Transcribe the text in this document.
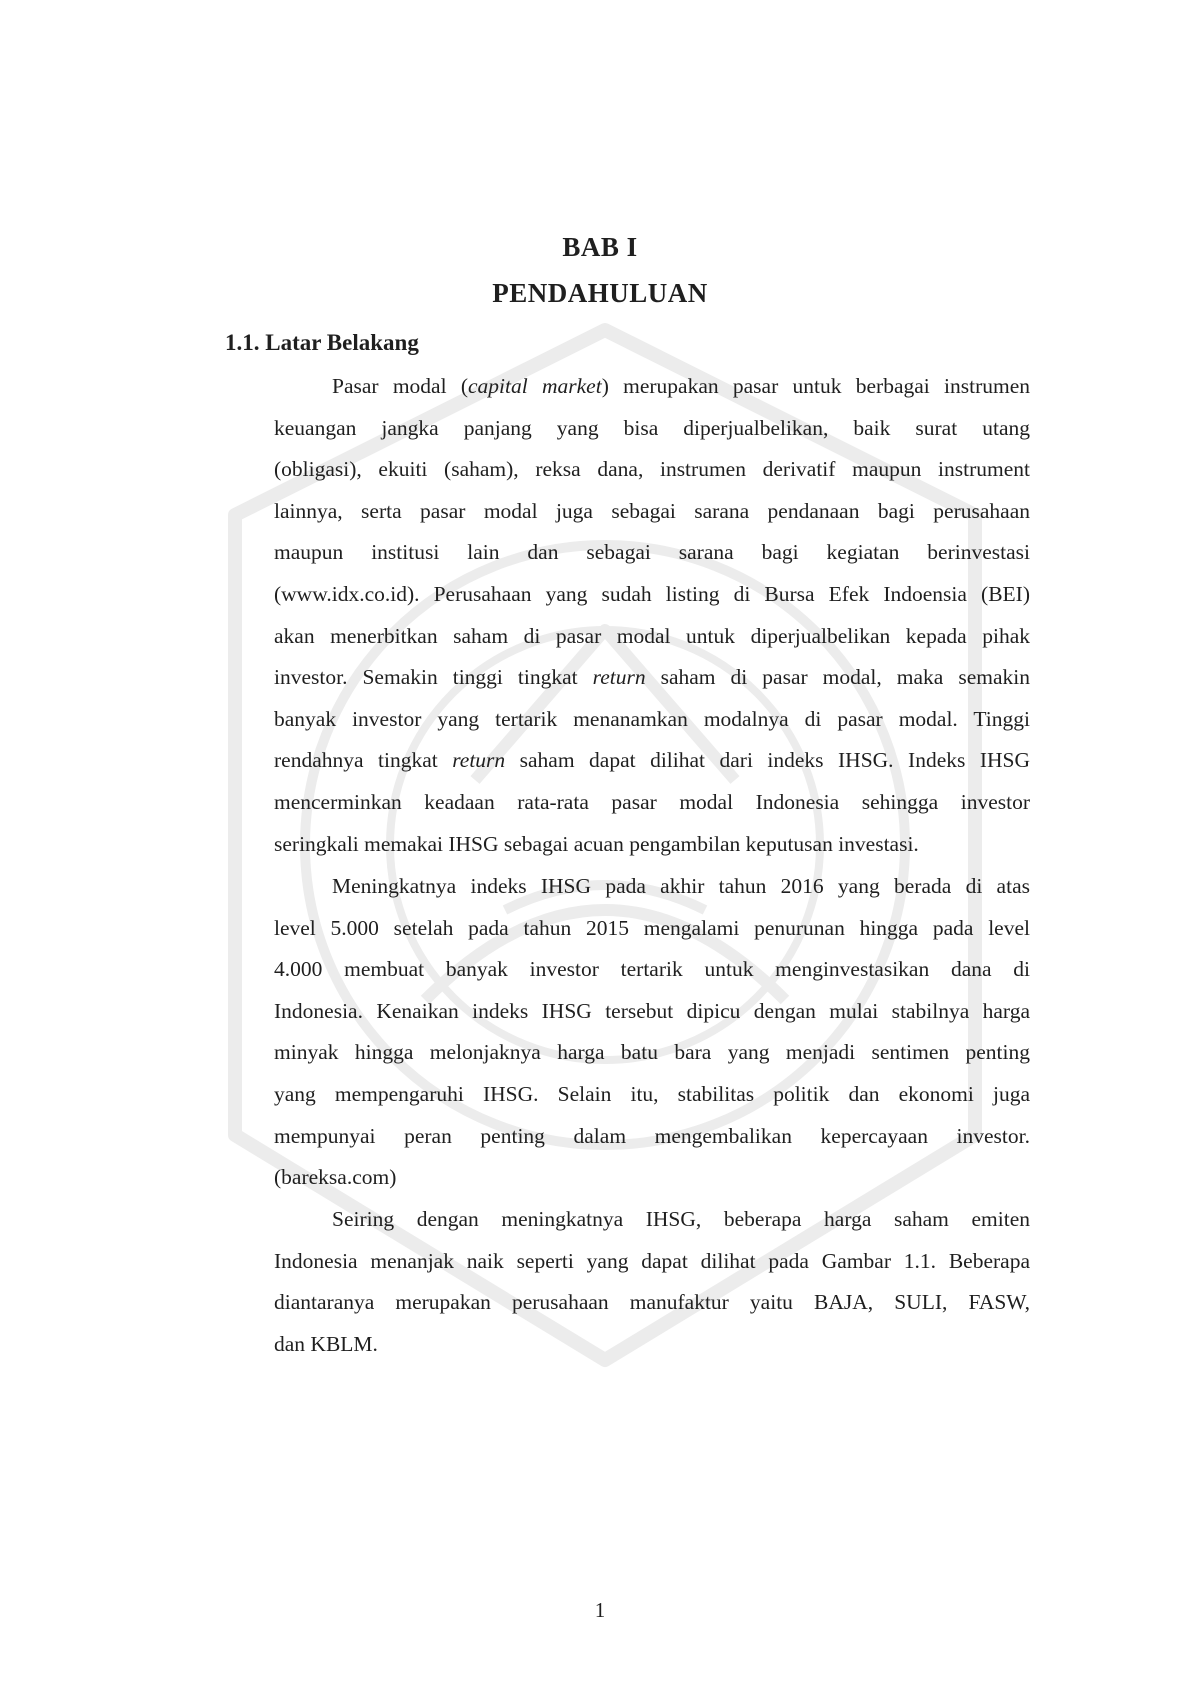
BAB I
PENDAHULUAN
1.1. Latar Belakang
Pasar modal (capital market) merupakan pasar untuk berbagai instrumen
keuangan jangka panjang yang bisa diperjualbelikan, baik surat utang
(obligasi), ekuiti (saham), reksa dana, instrumen derivatif maupun instrument
lainnya, serta pasar modal juga sebagai sarana pendanaan bagi perusahaan
maupun institusi lain dan sebagai sarana bagi kegiatan berinvestasi
(www.idx.co.id). Perusahaan yang sudah listing di Bursa Efek Indoensia (BEI)
akan menerbitkan saham di pasar modal untuk diperjualbelikan kepada pihak
investor. Semakin tinggi tingkat return saham di pasar modal, maka semakin
banyak investor yang tertarik menanamkan modalnya di pasar modal. Tinggi
rendahnya tingkat return saham dapat dilihat dari indeks IHSG. Indeks IHSG
mencerminkan keadaan rata-rata pasar modal Indonesia sehingga investor
seringkali memakai IHSG sebagai acuan pengambilan keputusan investasi.
Meningkatnya indeks IHSG pada akhir tahun 2016 yang berada di atas
level 5.000 setelah pada tahun 2015 mengalami penurunan hingga pada level
4.000 membuat banyak investor tertarik untuk menginvestasikan dana di
Indonesia. Kenaikan indeks IHSG tersebut dipicu dengan mulai stabilnya harga
minyak hingga melonjaknya harga batu bara yang menjadi sentimen penting
yang mempengaruhi IHSG. Selain itu, stabilitas politik dan ekonomi juga
mempunyai peran penting dalam mengembalikan kepercayaan investor.
(bareksa.com)
Seiring dengan meningkatnya IHSG, beberapa harga saham emiten
Indonesia menanjak naik seperti yang dapat dilihat pada Gambar 1.1. Beberapa
diantaranya merupakan perusahaan manufaktur yaitu BAJA, SULI, FASW,
dan KBLM.

1
